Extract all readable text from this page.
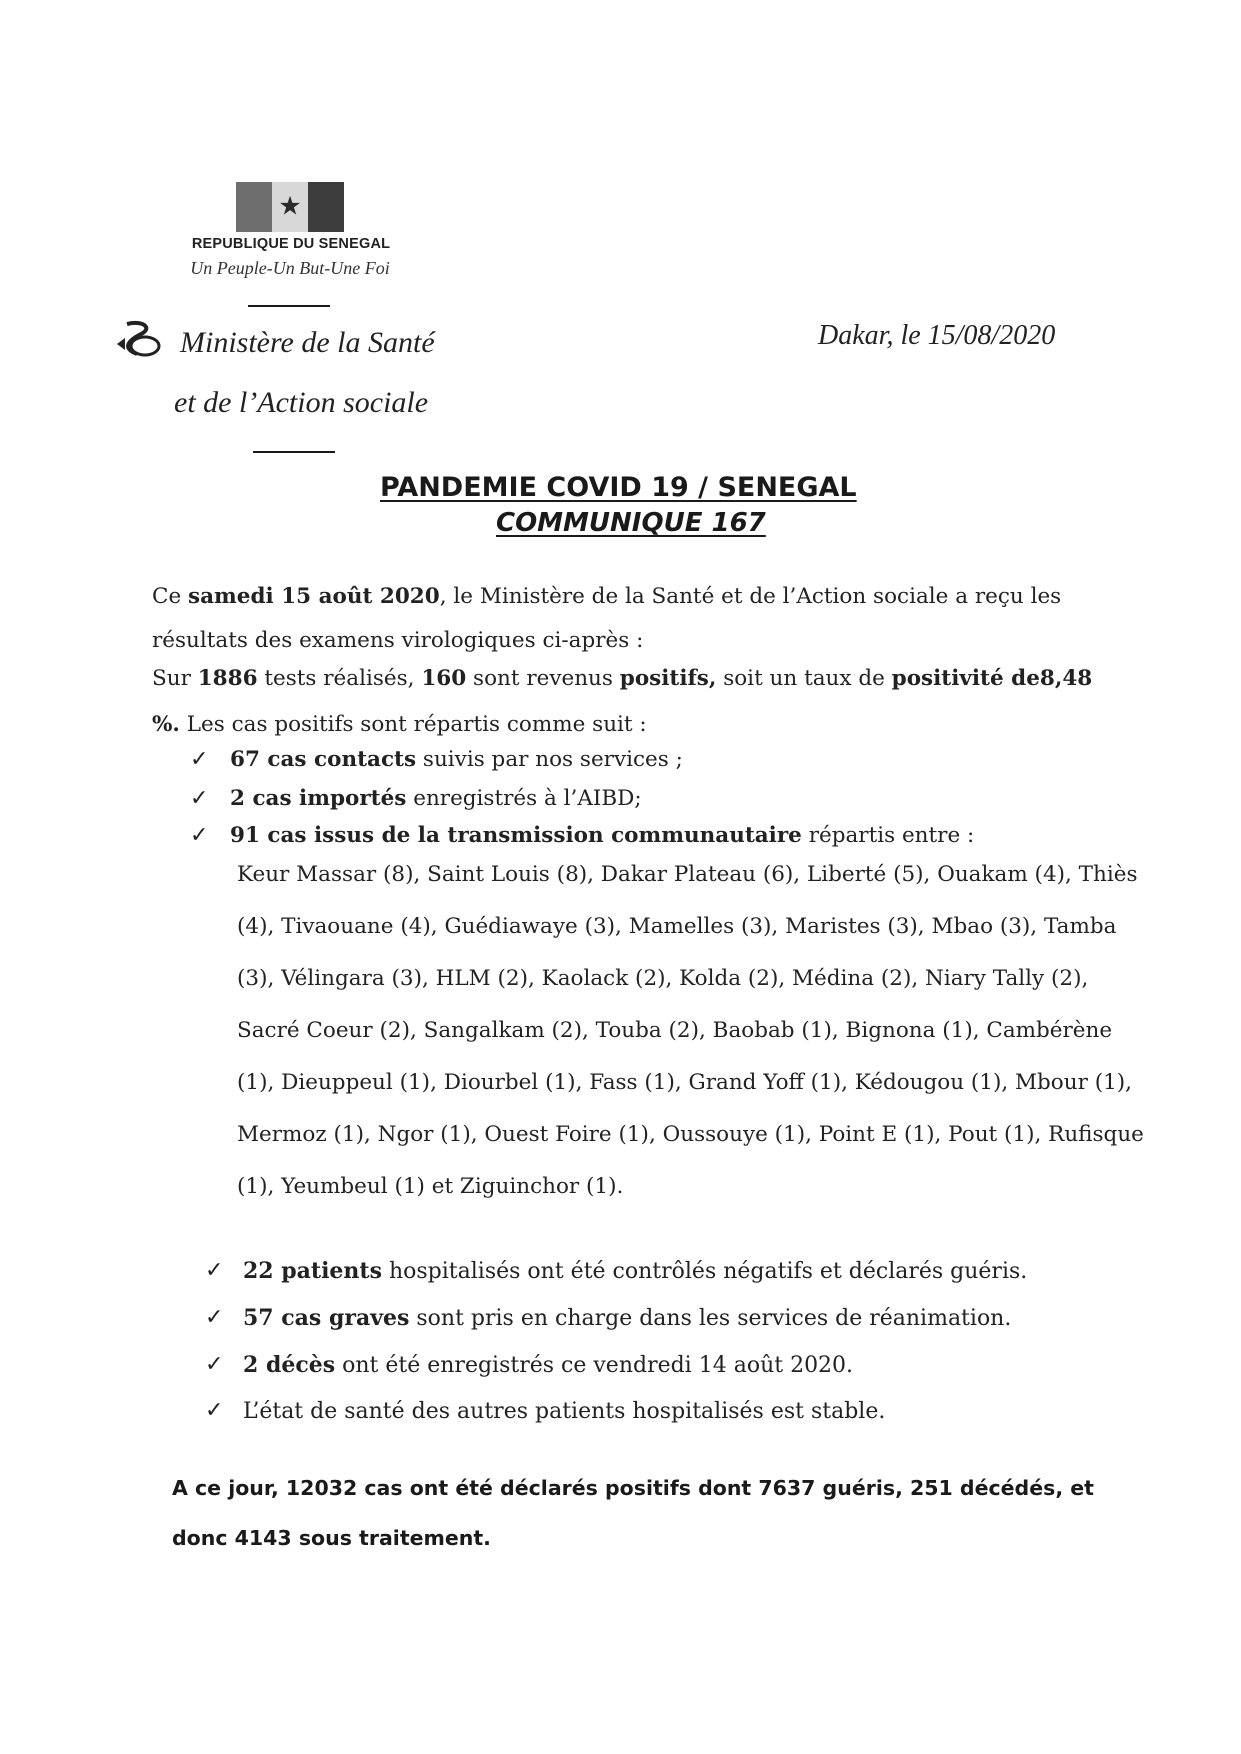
★
REPUBLIQUE DU SENEGAL
Un Peuple-Un But-Une Foi
Ministère de la Santé
et de l’Action sociale
Dakar, le 15/08/2020
PANDEMIE COVID 19 / SENEGAL
COMMUNIQUE 167
Ce samedi 15 août 2020, le Ministère de la Santé et de l’Action sociale a reçu les
résultats des examens virologiques ci-après :
Sur 1886 tests réalisés, 160 sont revenus positifs, soit un taux de positivité de8,48
%. Les cas positifs sont répartis comme suit :
✓ 67 cas contacts suivis par nos services ;
✓ 2 cas importés enregistrés à l’AIBD;
✓ 91 cas issus de la transmission communautaire répartis entre :
Keur Massar (8), Saint Louis (8), Dakar Plateau (6), Liberté (5), Ouakam (4), Thiès
(4), Tivaouane (4), Guédiawaye (3), Mamelles (3), Maristes (3), Mbao (3), Tamba
(3), Vélingara (3), HLM (2), Kaolack (2), Kolda (2), Médina (2), Niary Tally (2),
Sacré Coeur (2), Sangalkam (2), Touba (2), Baobab (1), Bignona (1), Cambérène
(1), Dieuppeul (1), Diourbel (1), Fass (1), Grand Yoff (1), Kédougou (1), Mbour (1),
Mermoz (1), Ngor (1), Ouest Foire (1), Oussouye (1), Point E (1), Pout (1), Rufisque
(1), Yeumbeul (1) et Ziguinchor (1).
✓ 22 patients hospitalisés ont été contrôlés négatifs et déclarés guéris.
✓ 57 cas graves sont pris en charge dans les services de réanimation.
✓ 2 décès ont été enregistrés ce vendredi 14 août 2020.
✓ L’état de santé des autres patients hospitalisés est stable.
A ce jour, 12032 cas ont été déclarés positifs dont 7637 guéris, 251 décédés, et
donc 4143 sous traitement.
